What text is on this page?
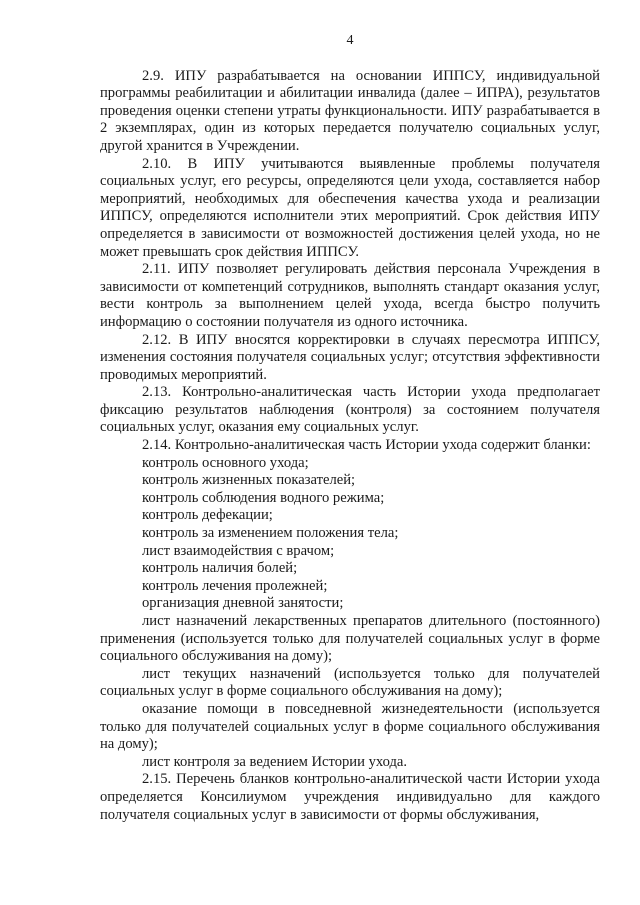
4

2.9. ИПУ разрабатывается на основании ИППСУ, индивидуальной программы реабилитации и абилитации инвалида (далее – ИПРА), результатов проведения оценки степени утраты функциональности. ИПУ разрабатывается в 2 экземплярах, один из которых передается получателю социальных услуг, другой хранится в Учреждении.

2.10. В ИПУ учитываются выявленные проблемы получателя социальных услуг, его ресурсы, определяются цели ухода, составляется набор мероприятий, необходимых для обеспечения качества ухода и реализации ИППСУ, определяются исполнители этих мероприятий. Срок действия ИПУ определяется в зависимости от возможностей достижения целей ухода, но не может превышать срок действия ИППСУ.

2.11. ИПУ позволяет регулировать действия персонала Учреждения в зависимости от компетенций сотрудников, выполнять стандарт оказания услуг, вести контроль за выполнением целей ухода, всегда быстро получить информацию о состоянии получателя из одного источника.

2.12. В ИПУ вносятся корректировки в случаях пересмотра ИППСУ, изменения состояния получателя социальных услуг; отсутствия эффективности проводимых мероприятий.

2.13. Контрольно-аналитическая часть Истории ухода предполагает фиксацию результатов наблюдения (контроля) за состоянием получателя социальных услуг, оказания ему социальных услуг.

2.14. Контрольно-аналитическая часть Истории ухода содержит бланки:

контроль основного ухода;

контроль жизненных показателей;

контроль соблюдения водного режима;

контроль дефекации;

контроль за изменением положения тела;

лист взаимодействия с врачом;

контроль наличия болей;

контроль лечения пролежней;

организация дневной занятости;

лист назначений лекарственных препаратов длительного (постоянного) применения (используется только для получателей социальных услуг в форме социального обслуживания на дому);

лист текущих назначений (используется только для получателей социальных услуг в форме социального обслуживания на дому);

оказание помощи в повседневной жизнедеятельности (используется только для получателей социальных услуг в форме социального обслуживания на дому);

лист контроля за ведением Истории ухода.

2.15. Перечень бланков контрольно-аналитической части Истории ухода определяется Консилиумом учреждения индивидуально для каждого получателя социальных услуг в зависимости от формы обслуживания,
